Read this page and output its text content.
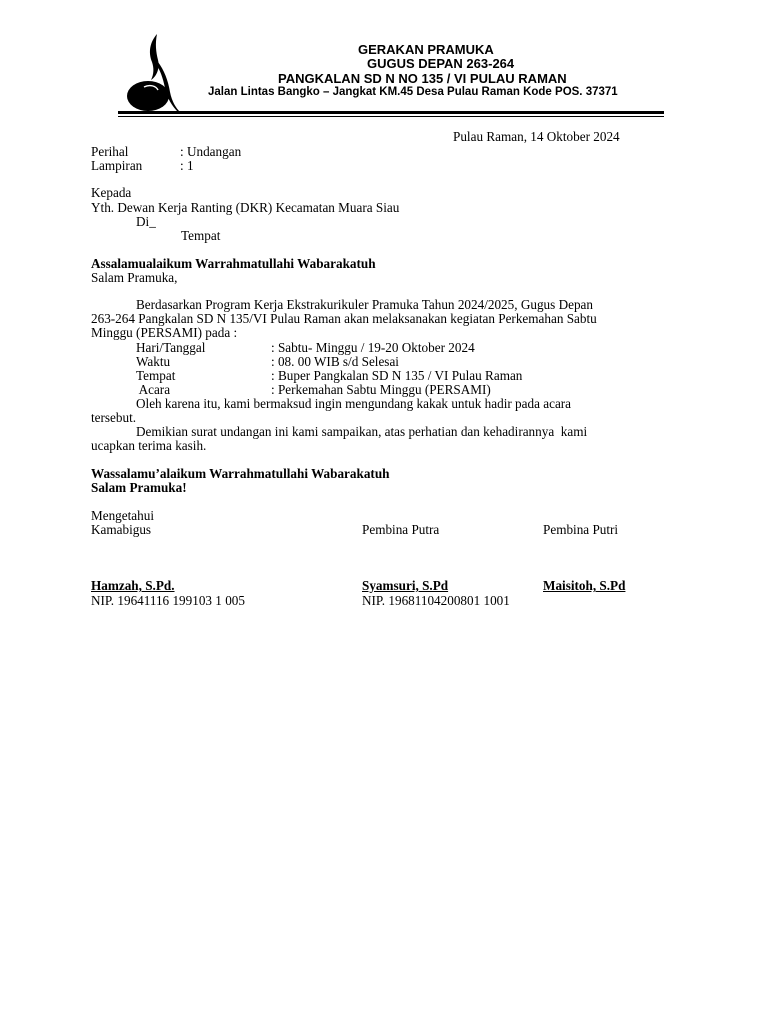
GERAKAN PRAMUKA
GUGUS DEPAN 263-264
PANGKALAN SD N NO 135 / VI PULAU RAMAN
Jalan Lintas Bangko – Jangkat KM.45 Desa Pulau Raman Kode POS. 37371
Pulau Raman, 14 Oktober 2024
Perihal	: Undangan
Lampiran	: 1
Kepada
Yth. Dewan Kerja Ranting (DKR) Kecamatan Muara Siau
Di_
Tempat
Assalamualaikum Warrahmatullahi Wabarakatuh
Salam Pramuka,
Berdasarkan Program Kerja Ekstrakurikuler Pramuka Tahun 2024/2025, Gugus Depan
263-264 Pangkalan SD N 135/VI Pulau Raman akan melaksanakan kegiatan Perkemahan Sabtu
Minggu (PERSAMI) pada :
Hari/Tanggal	: Sabtu- Minggu / 19-20 Oktober 2024
Waktu	: 08. 00 WIB s/d Selesai
Tempat	: Buper Pangkalan SD N 135 / VI Pulau Raman
Acara	: Perkemahan Sabtu Minggu (PERSAMI)
Oleh karena itu, kami bermaksud ingin mengundang kakak untuk hadir pada acara
tersebut.
Demikian surat undangan ini kami sampaikan, atas perhatian dan kehadirannya  kami
ucapkan terima kasih.
Wassalamu’alaikum Warrahmatullahi Wabarakatuh
Salam Pramuka!
Mengetahui
Kamabigus	Pembina Putra	Pembina Putri
Hamzah, S.Pd.	Syamsuri, S.Pd	Maisitoh, S.Pd
NIP. 19641116 199103 1 005	NIP. 19681104200801 1001
